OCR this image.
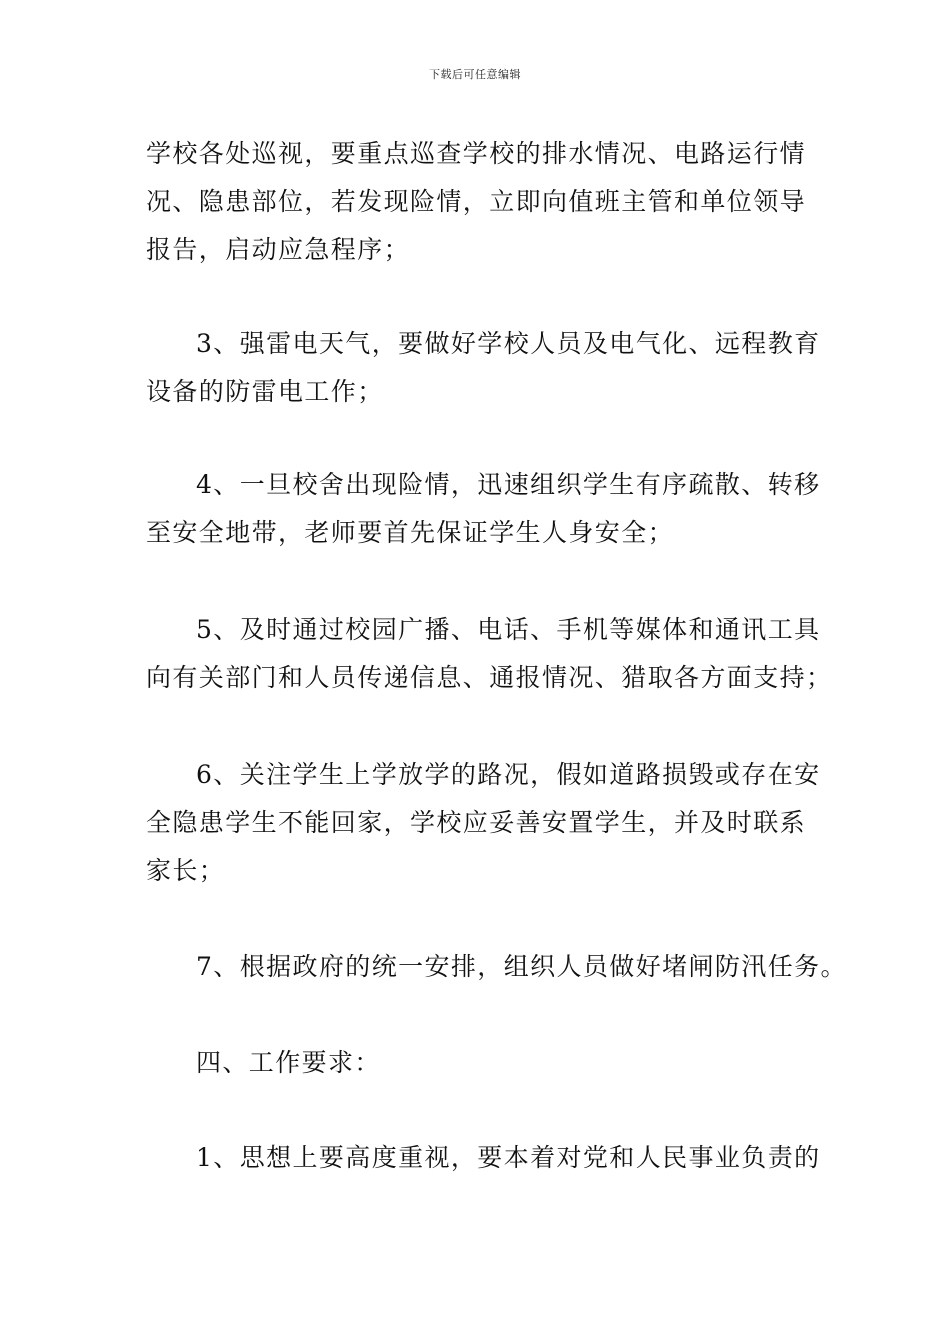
下载后可任意编辑

学校各处巡视，要重点巡查学校的排水情况、电路运行情
况、隐患部位，若发现险情，立即向值班主管和单位领导
报告，启动应急程序；

3、强雷电天气，要做好学校人员及电气化、远程教育
设备的防雷电工作；

4、一旦校舍出现险情，迅速组织学生有序疏散、转移
至安全地带，老师要首先保证学生人身安全；

5、及时通过校园广播、电话、手机等媒体和通讯工具
向有关部门和人员传递信息、通报情况、猎取各方面支持；

6、关注学生上学放学的路况，假如道路损毁或存在安
全隐患学生不能回家，学校应妥善安置学生，并及时联系
家长；

7、根据政府的统一安排，组织人员做好堵闸防汛任务。

四、工作要求：

1、思想上要高度重视，要本着对党和人民事业负责的
